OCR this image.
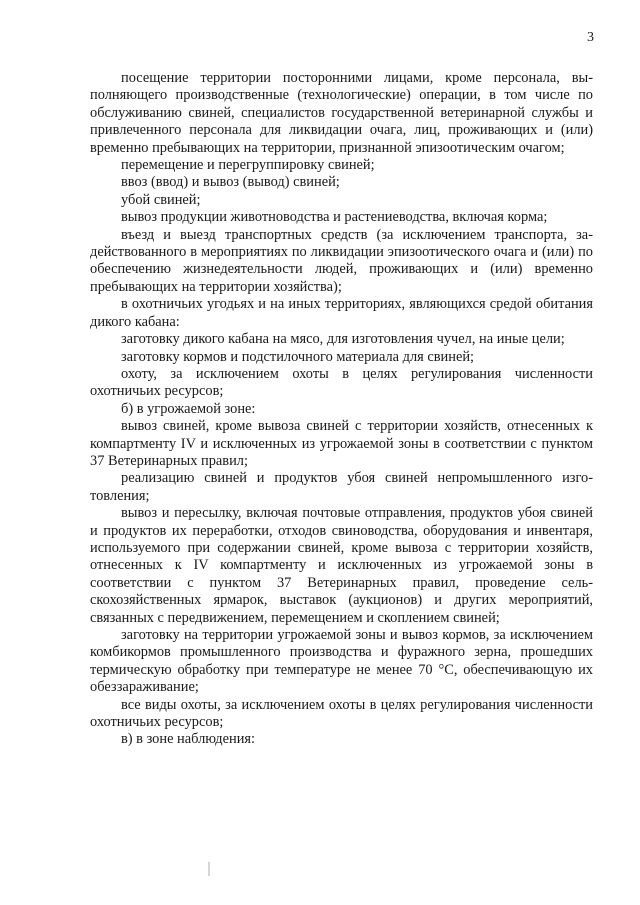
3

посещение территории посторонними лицами, кроме персонала, выполняющего производственные (технологические) операции, в том числе по обслуживанию свиней, специалистов государственной ветеринарной службы и привлеченного персонала для ликвидации очага, лиц, проживающих и (или) временно пребывающих на территории, признанной эпизоотическим очагом;

перемещение и перегруппировку свиней;

ввоз (ввод) и вывоз (вывод) свиней;

убой свиней;

вывоз продукции животноводства и растениеводства, включая корма;

въезд и выезд транспортных средств (за исключением транспорта, задействованного в мероприятиях по ликвидации эпизоотического очага и (или) по обеспечению жизнедеятельности людей, проживающих и (или) временно пребывающих на территории хозяйства);

в охотничьих угодьях и на иных территориях, являющихся средой обитания дикого кабана:

заготовку дикого кабана на мясо, для изготовления чучел, на иные цели;

заготовку кормов и подстилочного материала для свиней;

охоту, за исключением охоты в целях регулирования численности охотничьих ресурсов;

б) в угрожаемой зоне:

вывоз свиней, кроме вывоза свиней с территории хозяйств, отнесенных к компартменту IV и исключенных из угрожаемой зоны в соответствии с пунктом 37 Ветеринарных правил;

реализацию свиней и продуктов убоя свиней непромышленного изготовления;

вывоз и пересылку, включая почтовые отправления, продуктов убоя свиней и продуктов их переработки, отходов свиноводства, оборудования и инвентаря, используемого при содержании свиней, кроме вывоза с территории хозяйств, отнесенных к IV компартменту и исключенных из угрожаемой зоны в соответствии с пунктом 37 Ветеринарных правил, проведение сельскохозяйственных ярмарок, выставок (аукционов) и других мероприятий, связанных с передвижением, перемещением и скоплением свиней;

заготовку на территории угрожаемой зоны и вывоз кормов, за исключением комбикормов промышленного производства и фуражного зерна, прошедших термическую обработку при температуре не менее 70 °С, обеспечивающую их обеззараживание;

все виды охоты, за исключением охоты в целях регулирования численности охотничьих ресурсов;

в) в зоне наблюдения:
